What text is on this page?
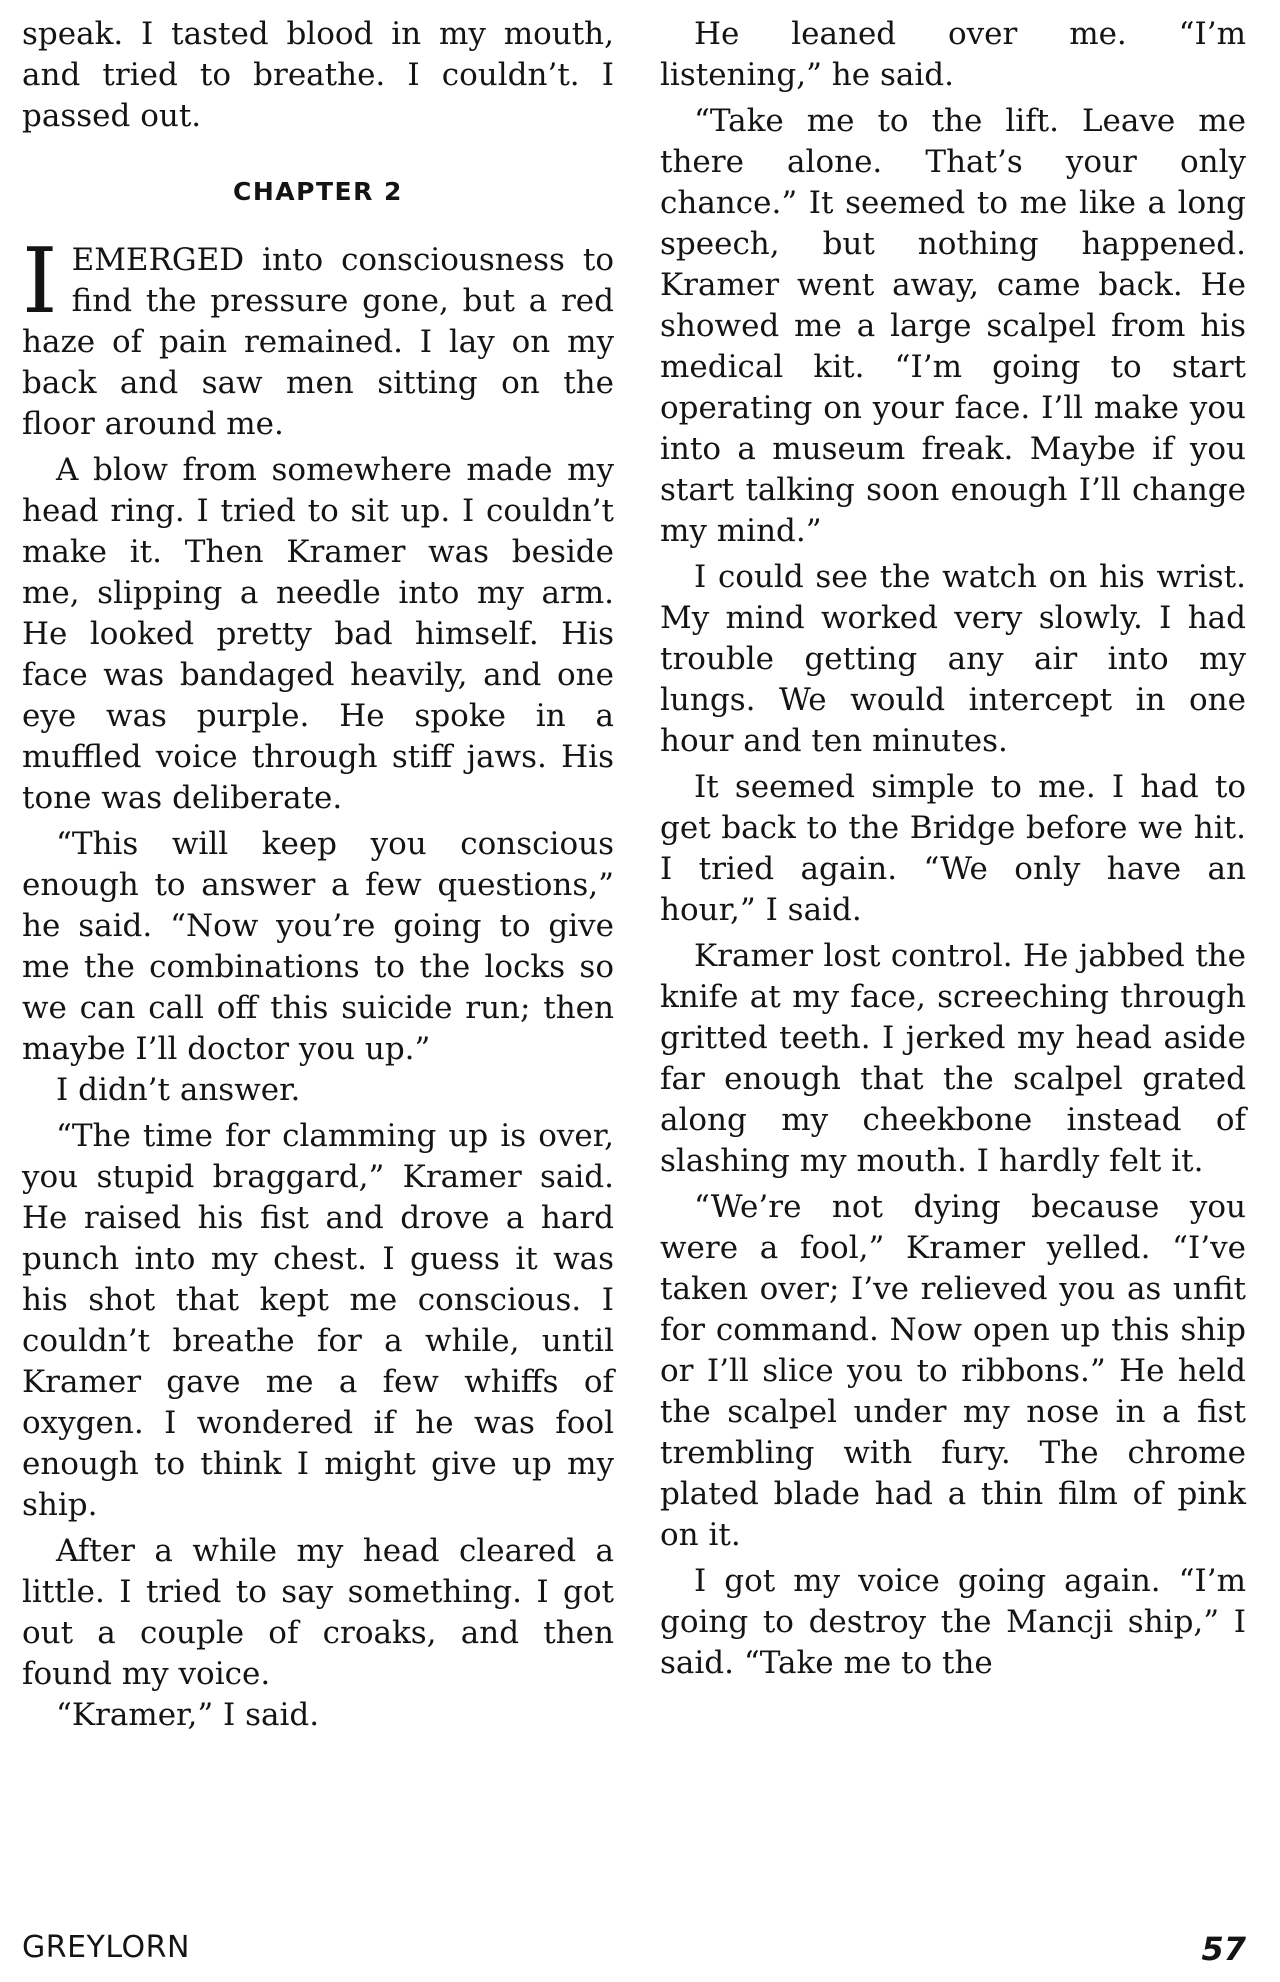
speak. I tasted blood in my mouth, and tried to breathe. I couldn’t. I passed out.

CHAPTER 2

I EMERGED into consciousness to find the pressure gone, but a red haze of pain remained. I lay on my back and saw men sitting on the floor around me.

A blow from somewhere made my head ring. I tried to sit up. I couldn’t make it. Then Kramer was beside me, slipping a needle into my arm. He looked pretty bad himself. His face was bandaged heavily, and one eye was purple. He spoke in a muffled voice through stiff jaws. His tone was deliberate.

“This will keep you conscious enough to answer a few questions,” he said. “Now you’re going to give me the combinations to the locks so we can call off this suicide run; then maybe I’ll doctor you up.”

I didn’t answer.

“The time for clamming up is over, you stupid braggard,” Kramer said. He raised his fist and drove a hard punch into my chest. I guess it was his shot that kept me conscious. I couldn’t breathe for a while, until Kramer gave me a few whiffs of oxygen. I wondered if he was fool enough to think I might give up my ship.

After a while my head cleared a little. I tried to say something. I got out a couple of croaks, and then found my voice.

“Kramer,” I said.

He leaned over me. “I’m listening,” he said.

“Take me to the lift. Leave me there alone. That’s your only chance.” It seemed to me like a long speech, but nothing happened. Kramer went away, came back. He showed me a large scalpel from his medical kit. “I’m going to start operating on your face. I’ll make you into a museum freak. Maybe if you start talking soon enough I’ll change my mind.”

I could see the watch on his wrist. My mind worked very slowly. I had trouble getting any air into my lungs. We would intercept in one hour and ten minutes.

It seemed simple to me. I had to get back to the Bridge before we hit. I tried again. “We only have an hour,” I said.

Kramer lost control. He jabbed the knife at my face, screeching through gritted teeth. I jerked my head aside far enough that the scalpel grated along my cheekbone instead of slashing my mouth. I hardly felt it.

“We’re not dying because you were a fool,” Kramer yelled. “I’ve taken over; I’ve relieved you as unfit for command. Now open up this ship or I’ll slice you to ribbons.” He held the scalpel under my nose in a fist trembling with fury. The chrome plated blade had a thin film of pink on it.

I got my voice going again. “I’m going to destroy the Mancji ship,” I said. “Take me to the

GREYLORN	57
